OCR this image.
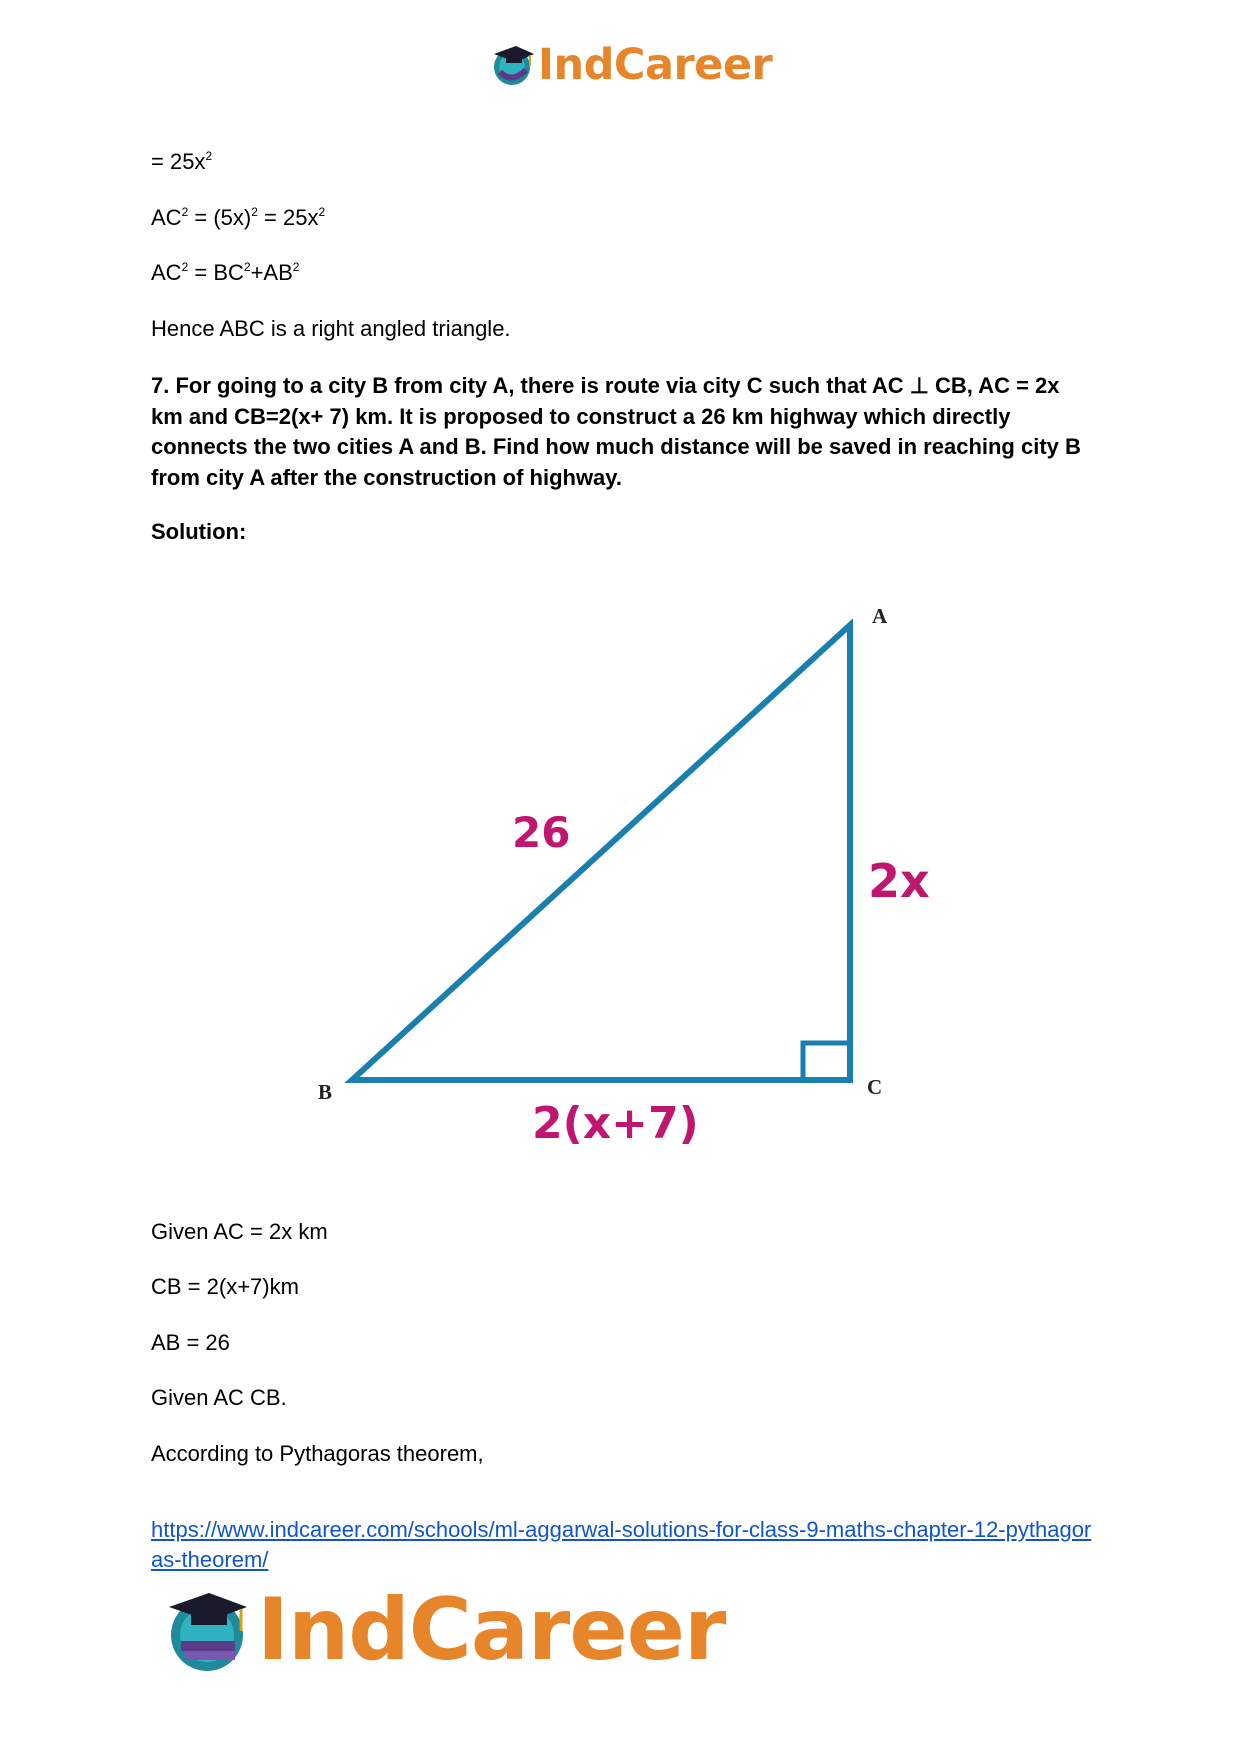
IndCareer
= $25x^2$
$AC^2 = (5x)^2 = 25x^2$
$AC^2 = BC^2+AB^2$
Hence ABC is a right angled triangle.
7. For going to a city B from city A, there is route via city C such that AC ⊥ CB, AC = 2x km and CB=2(x+ 7) km. It is proposed to construct a 26 km highway which directly connects the two cities A and B. Find how much distance will be saved in reaching city B from city A after the construction of highway.
Solution:
A
B	C
26
2x
2(x+7)
Given AC = 2x km
CB = 2(x+7)km
AB = 26
Given AC CB.
According to Pythagoras theorem,
https://www.indcareer.com/schools/ml-aggarwal-solutions-for-class-9-maths-chapter-12-pythagoras-theorem/
IndCareer
